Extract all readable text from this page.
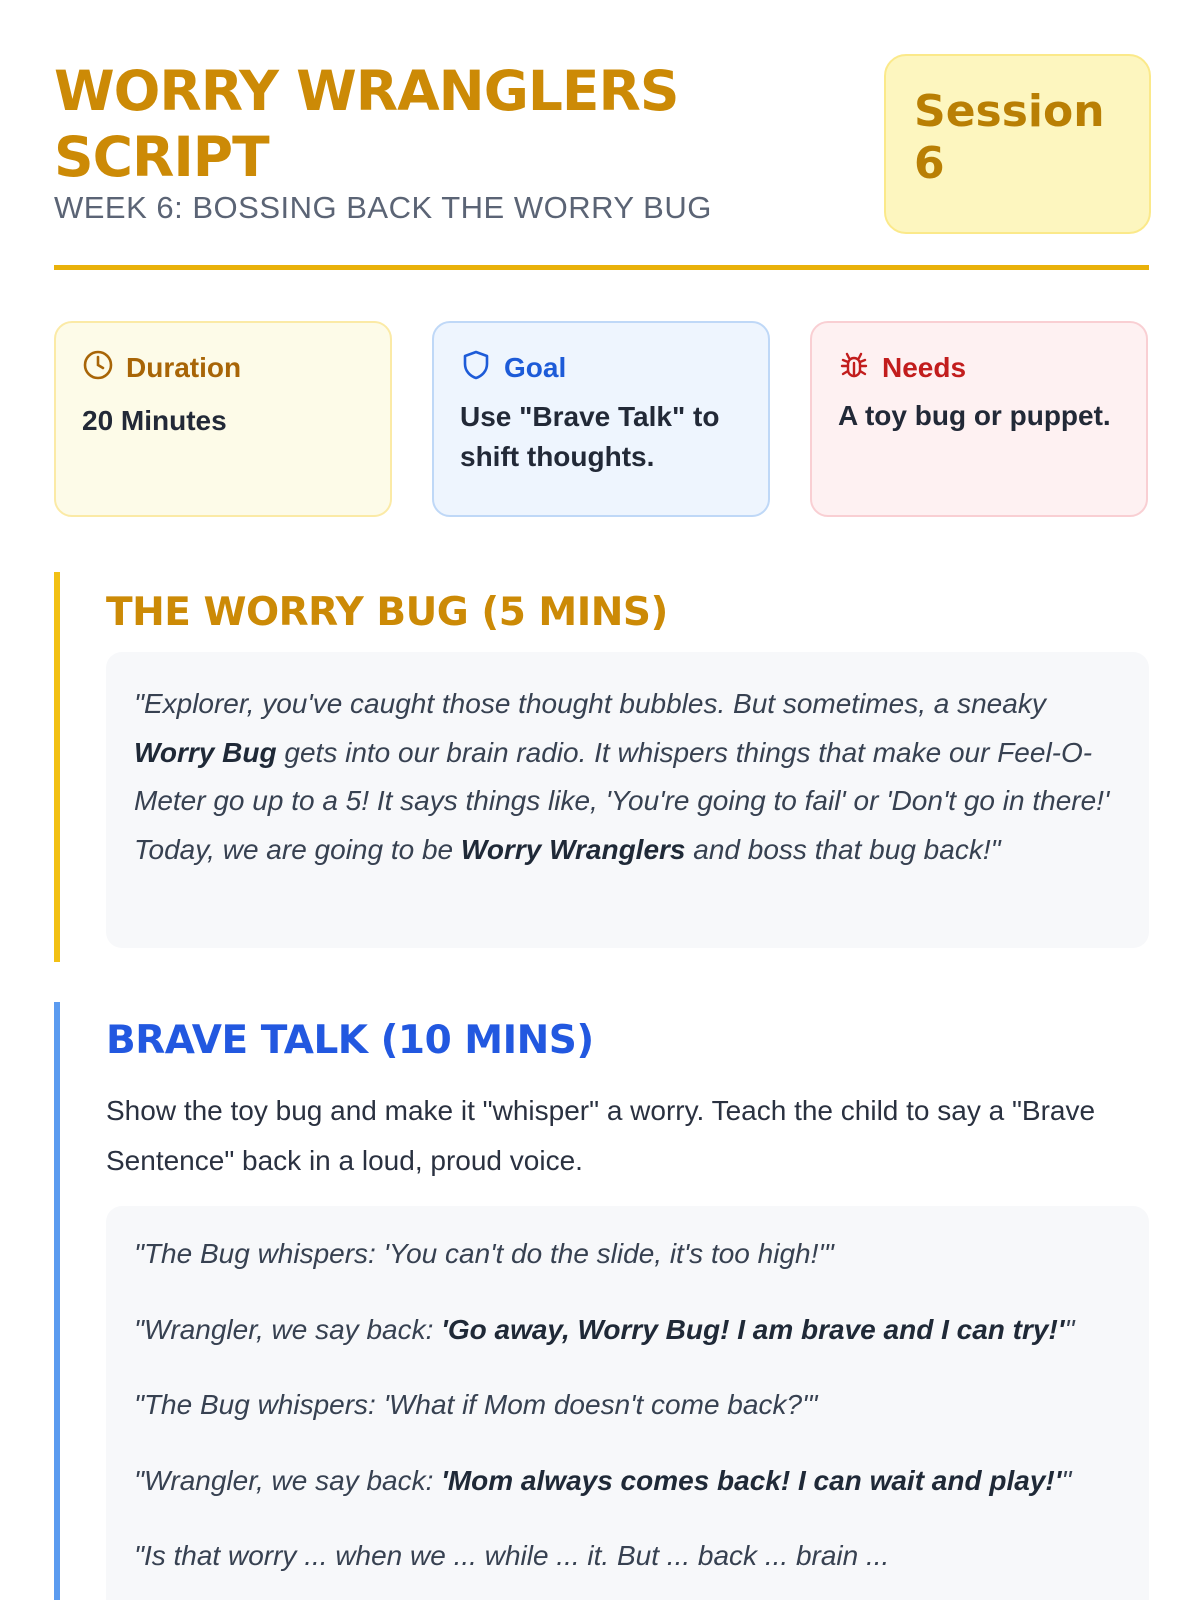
WORRY WRANGLERS SCRIPT
WEEK 6: BOSSING BACK THE WORRY BUG
Session 6
Duration
20 Minutes
Goal
Use "Brave Talk" to shift thoughts.
Needs
A toy bug or puppet.
THE WORRY BUG (5 MINS)
"Explorer, you've caught those thought bubbles. But sometimes, a sneaky Worry Bug gets into our brain radio. It whispers things that make our Feel-O-Meter go up to a 5! It says things like, 'You're going to fail' or 'Don't go in there!' Today, we are going to be Worry Wranglers and boss that bug back!"
BRAVE TALK (10 MINS)

Show the toy bug and make it "whisper" a worry. Teach the child to say a "Brave Sentence" back in a loud, proud voice.

"The Bug whispers: 'You can't do the slide, it's too high!'"
"Wrangler, we say back: 'Go away, Worry Bug! I am brave and I can try!'"
"The Bug whispers: 'What if Mom doesn't come back?'"
"Wrangler, we say back: 'Mom always comes back! I can wait and play!'"
"Is that worry ... when we ... while ... it. But ... back ... brain ...
